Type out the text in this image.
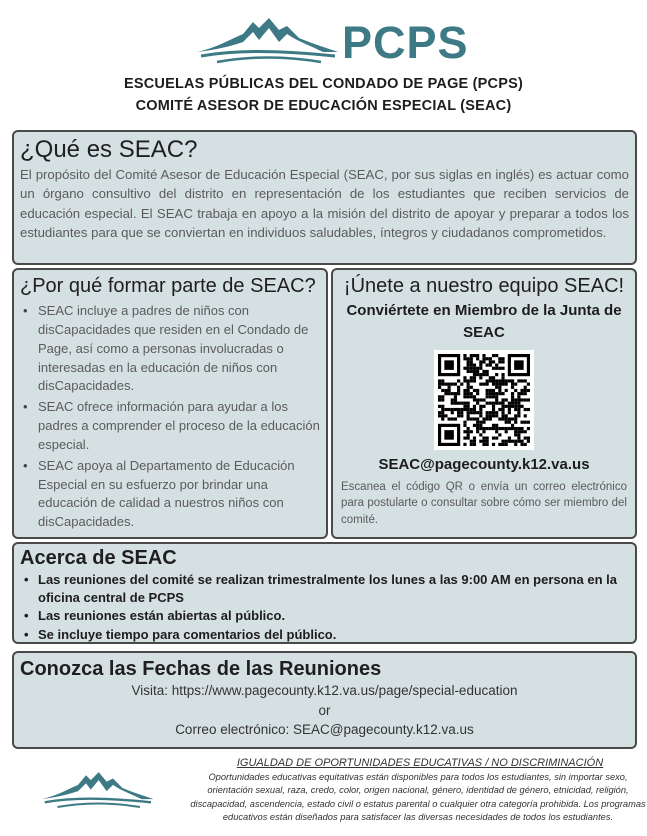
PCPS
ESCUELAS PÚBLICAS DEL CONDADO DE PAGE (PCPS)
COMITÉ ASESOR DE EDUCACIÓN ESPECIAL (SEAC)
¿Qué es SEAC?

El propósito del Comité Asesor de Educación Especial (SEAC, por sus siglas en inglés) es actuar como un órgano consultivo del distrito en representación de los estudiantes que reciben servicios de educación especial. El SEAC trabaja en apoyo a la misión del distrito de apoyar y preparar a todos los estudiantes para que se conviertan en individuos saludables, íntegros y ciudadanos comprometidos.

¿Por qué formar parte de SEAC?
• SEAC incluye a padres de niños con disCapacidades que residen en el Condado de Page, así como a personas involucradas o interesadas en la educación de niños con disCapacidades.
• SEAC ofrece información para ayudar a los padres a comprender el proceso de la educación especial.
• SEAC apoya al Departamento de Educación Especial en su esfuerzo por brindar una educación de calidad a nuestros niños con disCapacidades.
¡Únete a nuestro equipo SEAC!
Conviértete en Miembro de la Junta de SEAC
SEAC@pagecounty.k12.va.us

Escanea el código QR o envía un correo electrónico para postularte o consultar sobre cómo ser miembro del comité.

Acerca de SEAC
• Las reuniones del comité se realizan trimestralmente los lunes a las 9:00 AM en persona en la oficina central de PCPS
• Las reuniones están abiertas al público.
• Se incluye tiempo para comentarios del público.
Conozca las Fechas de las Reuniones
Visita: https://www.pagecounty.k12.va.us/page/special-education
or
Correo electrónico: SEAC@pagecounty.k12.va.us
IGUALDAD DE OPORTUNIDADES EDUCATIVAS / NO DISCRIMINACIÓN
Oportunidades educativas equitativas están disponibles para todos los estudiantes, sin importar sexo, orientación sexual, raza, credo, color, origen nacional, género, identidad de género, etnicidad, religión, discapacidad, ascendencia, estado civil o estatus parental o cualquier otra categoría prohibida. Los programas educativos están diseñados para satisfacer las diversas necesidades de todos los estudiantes.
